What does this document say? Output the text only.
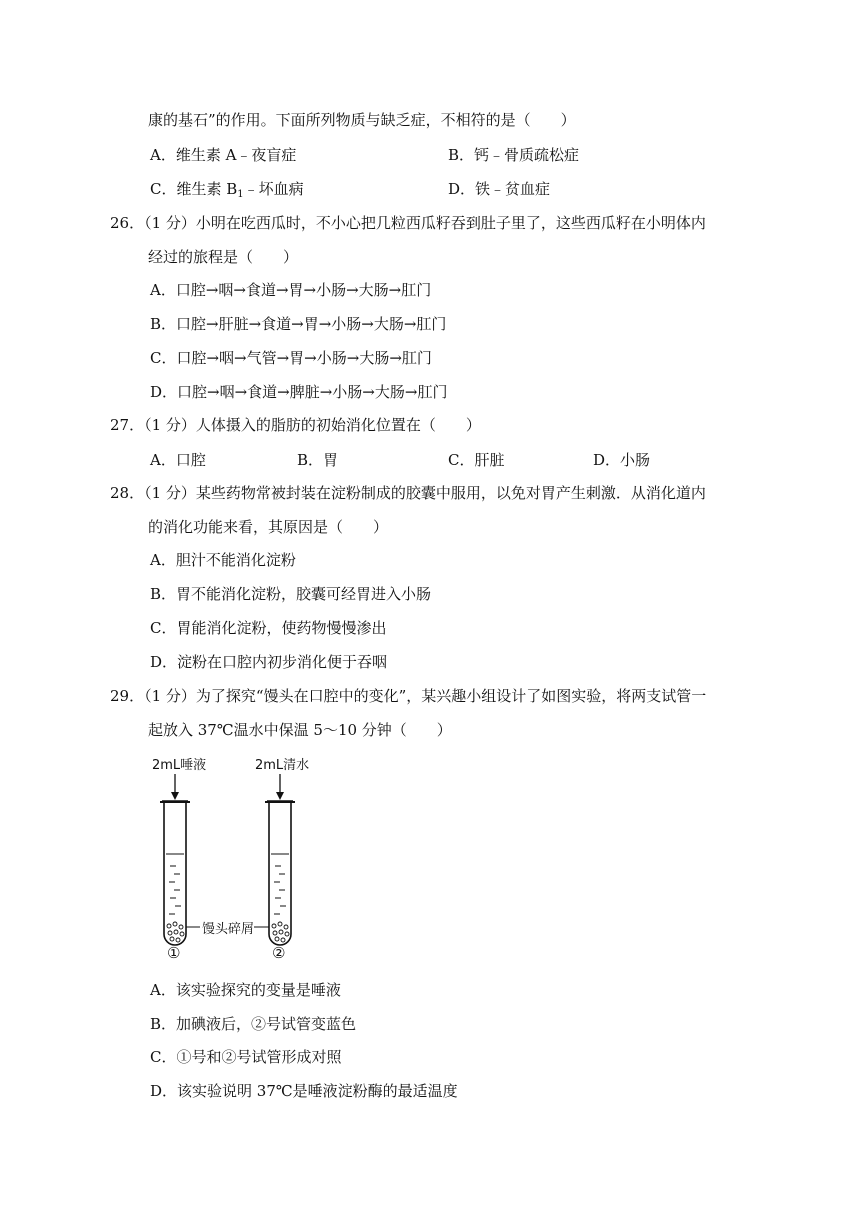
康的基石”的作用。下面所列物质与缺乏症，不相符的是（　　）
A．维生素 A﹣夜盲症	B．钙﹣骨质疏松症
C．维生素 $B_1﹣$坏血病	D．铁﹣贫血症
26．（1 分）小明在吃西瓜时，不小心把几粒西瓜籽吞到肚子里了，这些西瓜籽在小明体内
经过的旅程是（　　）
A．口腔→咽→食道→胃→小肠→大肠→肛门
B．口腔→肝脏→食道→胃→小肠→大肠→肛门
C．口腔→咽→气管→胃→小肠→大肠→肛门
D．口腔→咽→食道→脾脏→小肠→大肠→肛门
27．（1 分）人体摄入的脂肪的初始消化位置在（　　）
A．口腔	B．胃	C．肝脏	D．小肠
28．（1 分）某些药物常被封装在淀粉制成的胶囊中服用，以免对胃产生刺激．从消化道内
的消化功能来看，其原因是（　　）
A．胆汁不能消化淀粉
B．胃不能消化淀粉，胶囊可经胃进入小肠
C．胃能消化淀粉，使药物慢慢渗出
D．淀粉在口腔内初步消化便于吞咽
29．（1 分）为了探究“馒头在口腔中的变化”，某兴趣小组设计了如图实验，将两支试管一
起放入 37℃温水中保温 5～10 分钟（　　）
2mL唾液	2mL清水
馒头碎屑
①	②
A．该实验探究的变量是唾液
B．加碘液后，②号试管变蓝色
C．①号和②号试管形成对照
D．该实验说明 37℃是唾液淀粉酶的最适温度
